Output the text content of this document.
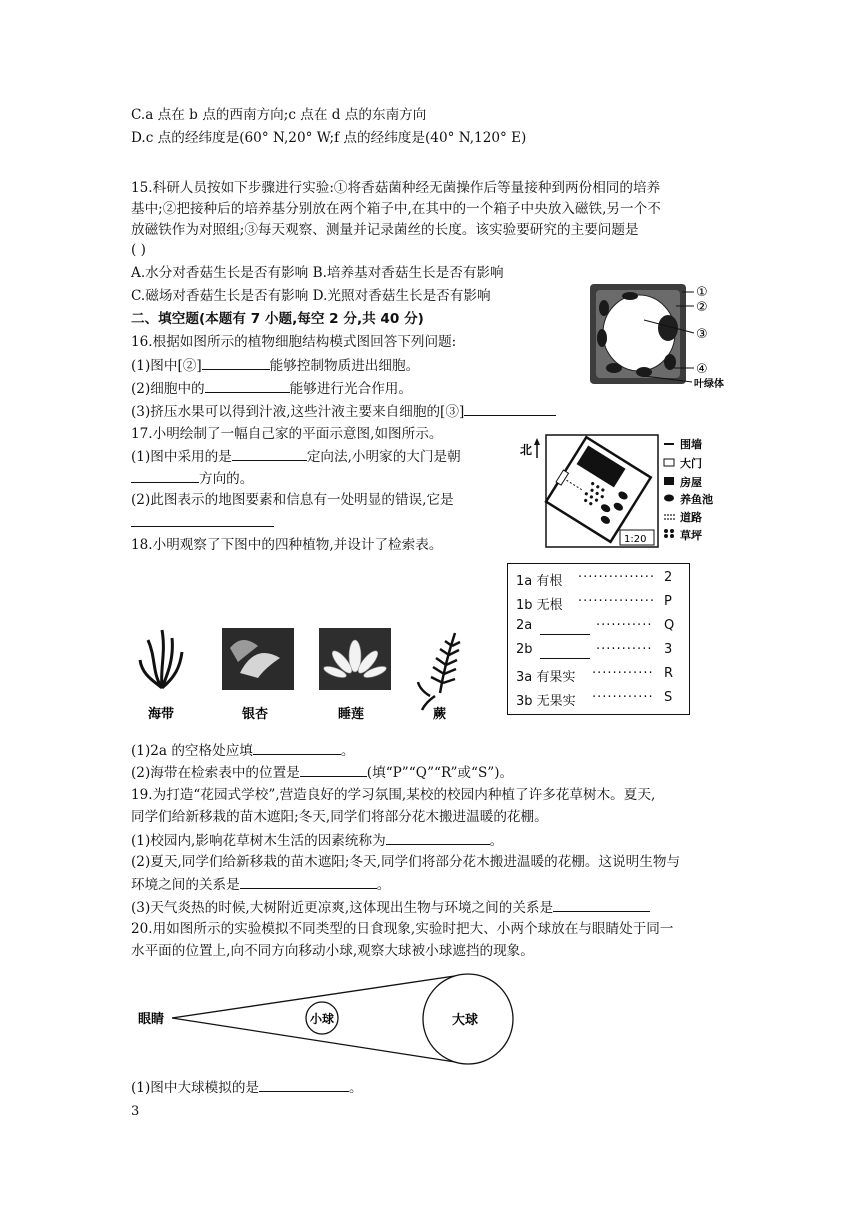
C.a 点在 b 点的西南方向;c 点在 d 点的东南方向
D.c 点的经纬度是(60° N,20° W;f 点的经纬度是(40° N,120° E)
15.科研人员按如下步骤进行实验:①将香菇菌种经无菌操作后等量接种到两份相同的培养
基中;②把接种后的培养基分别放在两个箱子中,在其中的一个箱子中央放入磁铁,另一个不
放磁铁作为对照组;③每天观察、测量并记录菌丝的长度。该实验要研究的主要问题是
( )
A.水分对香菇生长是否有影响 B.培养基对香菇生长是否有影响
C.磁场对香菇生长是否有影响 D.光照对香菇生长是否有影响
二、填空题(本题有 7 小题,每空 2 分,共 40 分)
16.根据如图所示的植物细胞结构模式图回答下列问题:
(1)图中[②]	能够控制物质进出细胞。
(2)细胞中的	能够进行光合作用。
(3)挤压水果可以得到汁液,这些汁液主要来自细胞的[③]
17.小明绘制了一幅自己家的平面示意图,如图所示。
(1)图中采用的是	定向法,小明家的大门是朝
方向的。
(2)此图表示的地图要素和信息有一处明显的错误,它是
18.小明观察了下图中的四种植物,并设计了检索表。
(1)2a 的空格处应填	。
(2)海带在检索表中的位置是	(填“P”“Q”“R”或“S”)。
19.为打造“花园式学校”,营造良好的学习氛围,某校的校园内种植了许多花草树木。夏天,
同学们给新移栽的苗木遮阳;冬天,同学们将部分花木搬进温暖的花棚。
(1)校园内,影响花草树木生活的因素统称为	。
(2)夏天,同学们给新移栽的苗木遮阳;冬天,同学们将部分花木搬进温暖的花棚。这说明生物与
环境之间的关系是	。
(3)天气炎热的时候,大树附近更凉爽,这体现出生物与环境之间的关系是
20.用如图所示的实验模拟不同类型的日食现象,实验时把大、小两个球放在与眼睛处于同一
水平面的位置上,向不同方向移动小球,观察大球被小球遮挡的现象。
(1)图中大球模拟的是	。
3
①
②
③
④
叶绿体
北
1:20
围墙
大门
房屋
养鱼池
道路
草坪
海带	银杏	睡莲	蕨
1a 有根 ··············· 2
1b 无根 ··············· P
2a	··········· Q
2b	··········· 3
3a 有果实 ············ R
3b 无果实 ············ S
眼睛	小球	大球
